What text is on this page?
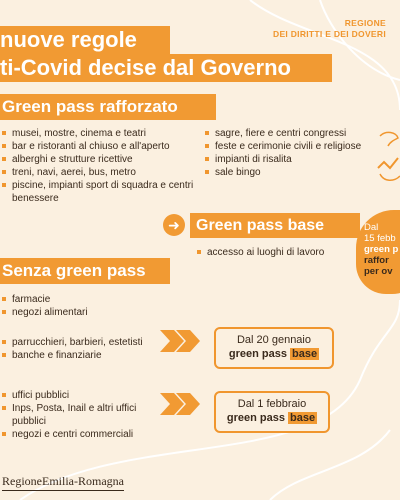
REGIONE
DEI DIRITTI E DEI DOVERI
nuove regole
ti-Covid decise dal Governo
Green pass rafforzato
musei, mostre, cinema e teatri
bar e ristoranti al chiuso e all'aperto
alberghi e strutture ricettive
treni, navi, aerei, bus, metro
piscine, impianti sport di squadra e centri benessere
sagre, fiere e centri congressi
feste e cerimonie civili e religiose
impianti di risalita
sale bingo
➜	Green pass base	Dal
15 febb
green p
raffor
per ov
accesso ai luoghi di lavoro
Senza green pass
farmacie
negozi alimentari
parrucchieri, barbieri, estetisti
banche e finanziarie
Dal 20 gennaio
green pass base
uffici pubblici
Inps, Posta, Inail e altri uffici pubblici
negozi e centri commerciali
Dal 1 febbraio
green pass base
RegioneEmilia-Romagna
